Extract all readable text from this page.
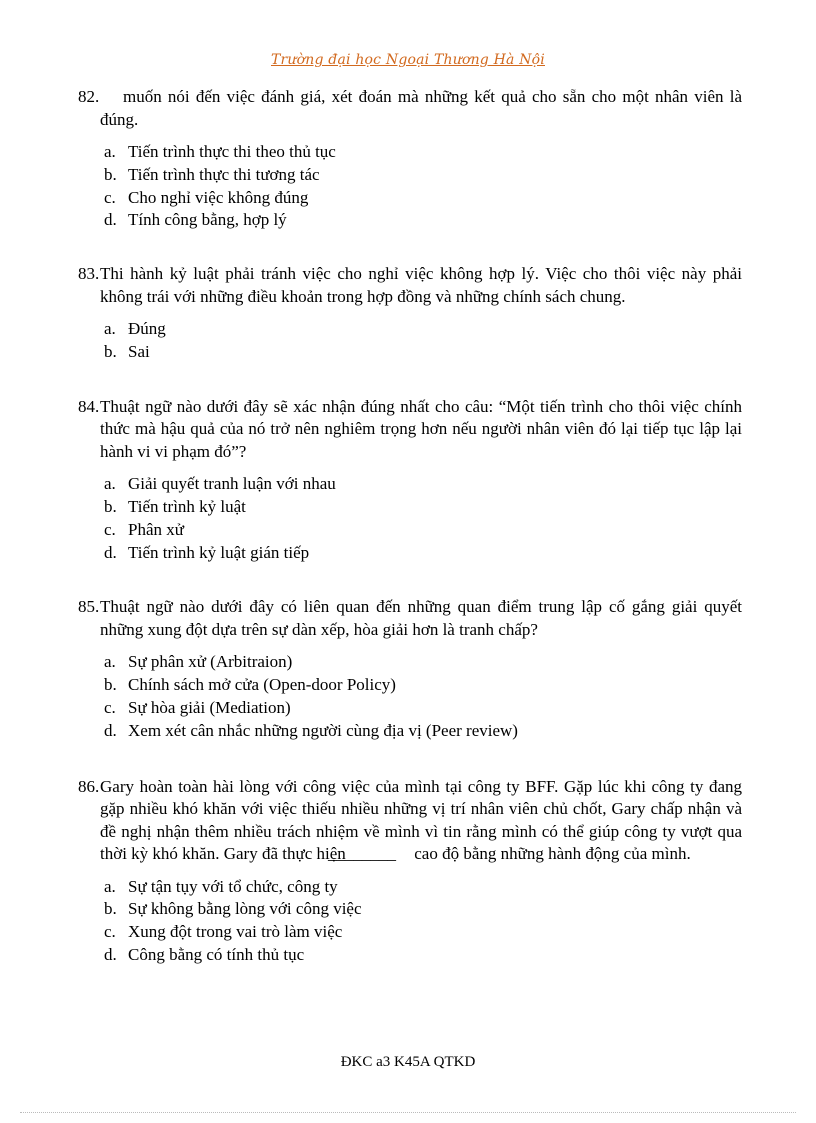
Trường đại học Ngoại Thương Hà Nội

82. muốn nói đến việc đánh giá, xét đoán mà những kết quả cho sẵn cho một nhân viên là đúng.

a. Tiến trình thực thi theo thủ tục
b. Tiến trình thực thi tương tác
c. Cho nghỉ việc không đúng
d. Tính công bằng, hợp lý

83.Thi hành kỷ luật phải tránh việc cho nghỉ việc không hợp lý. Việc cho thôi việc này phải không trái với những điều khoản trong hợp đồng và những chính sách chung.

a. Đúng
b. Sai

84.Thuật ngữ nào dưới đây sẽ xác nhận đúng nhất cho câu: “Một tiến trình cho thôi việc chính thức mà hậu quả của nó trở nên nghiêm trọng hơn nếu người nhân viên đó lại tiếp tục lập lại hành vi vi phạm đó”?

a. Giải quyết tranh luận với nhau
b. Tiến trình kỷ luật
c. Phân xử
d. Tiến trình kỷ luật gián tiếp

85.Thuật ngữ nào dưới đây có liên quan đến những quan điểm trung lập cố gắng giải quyết những xung đột dựa trên sự dàn xếp, hòa giải hơn là tranh chấp?

a. Sự phân xử (Arbitraion)
b. Chính sách mở cửa (Open-door Policy)
c. Sự hòa giải (Mediation)
d. Xem xét cân nhắc những người cùng địa vị (Peer review)

86.Gary hoàn toàn hài lòng với công việc của mình tại công ty BFF. Gặp lúc khi công ty đang gặp nhiều khó khăn với việc thiếu nhiều những vị trí nhân viên chủ chốt, Gary chấp nhận và đề nghị nhận thêm nhiều trách nhiệm về mình vì tin rằng mình có thể giúp công ty vượt qua thời kỳ khó khăn. Gary đã thực hiện ________ cao độ bằng những hành động của mình.

a. Sự tận tụy với tổ chức, công ty
b. Sự không bằng lòng với công việc
c. Xung đột trong vai trò làm việc
d. Công bằng có tính thủ tục
ĐKC a3 K45A QTKD
